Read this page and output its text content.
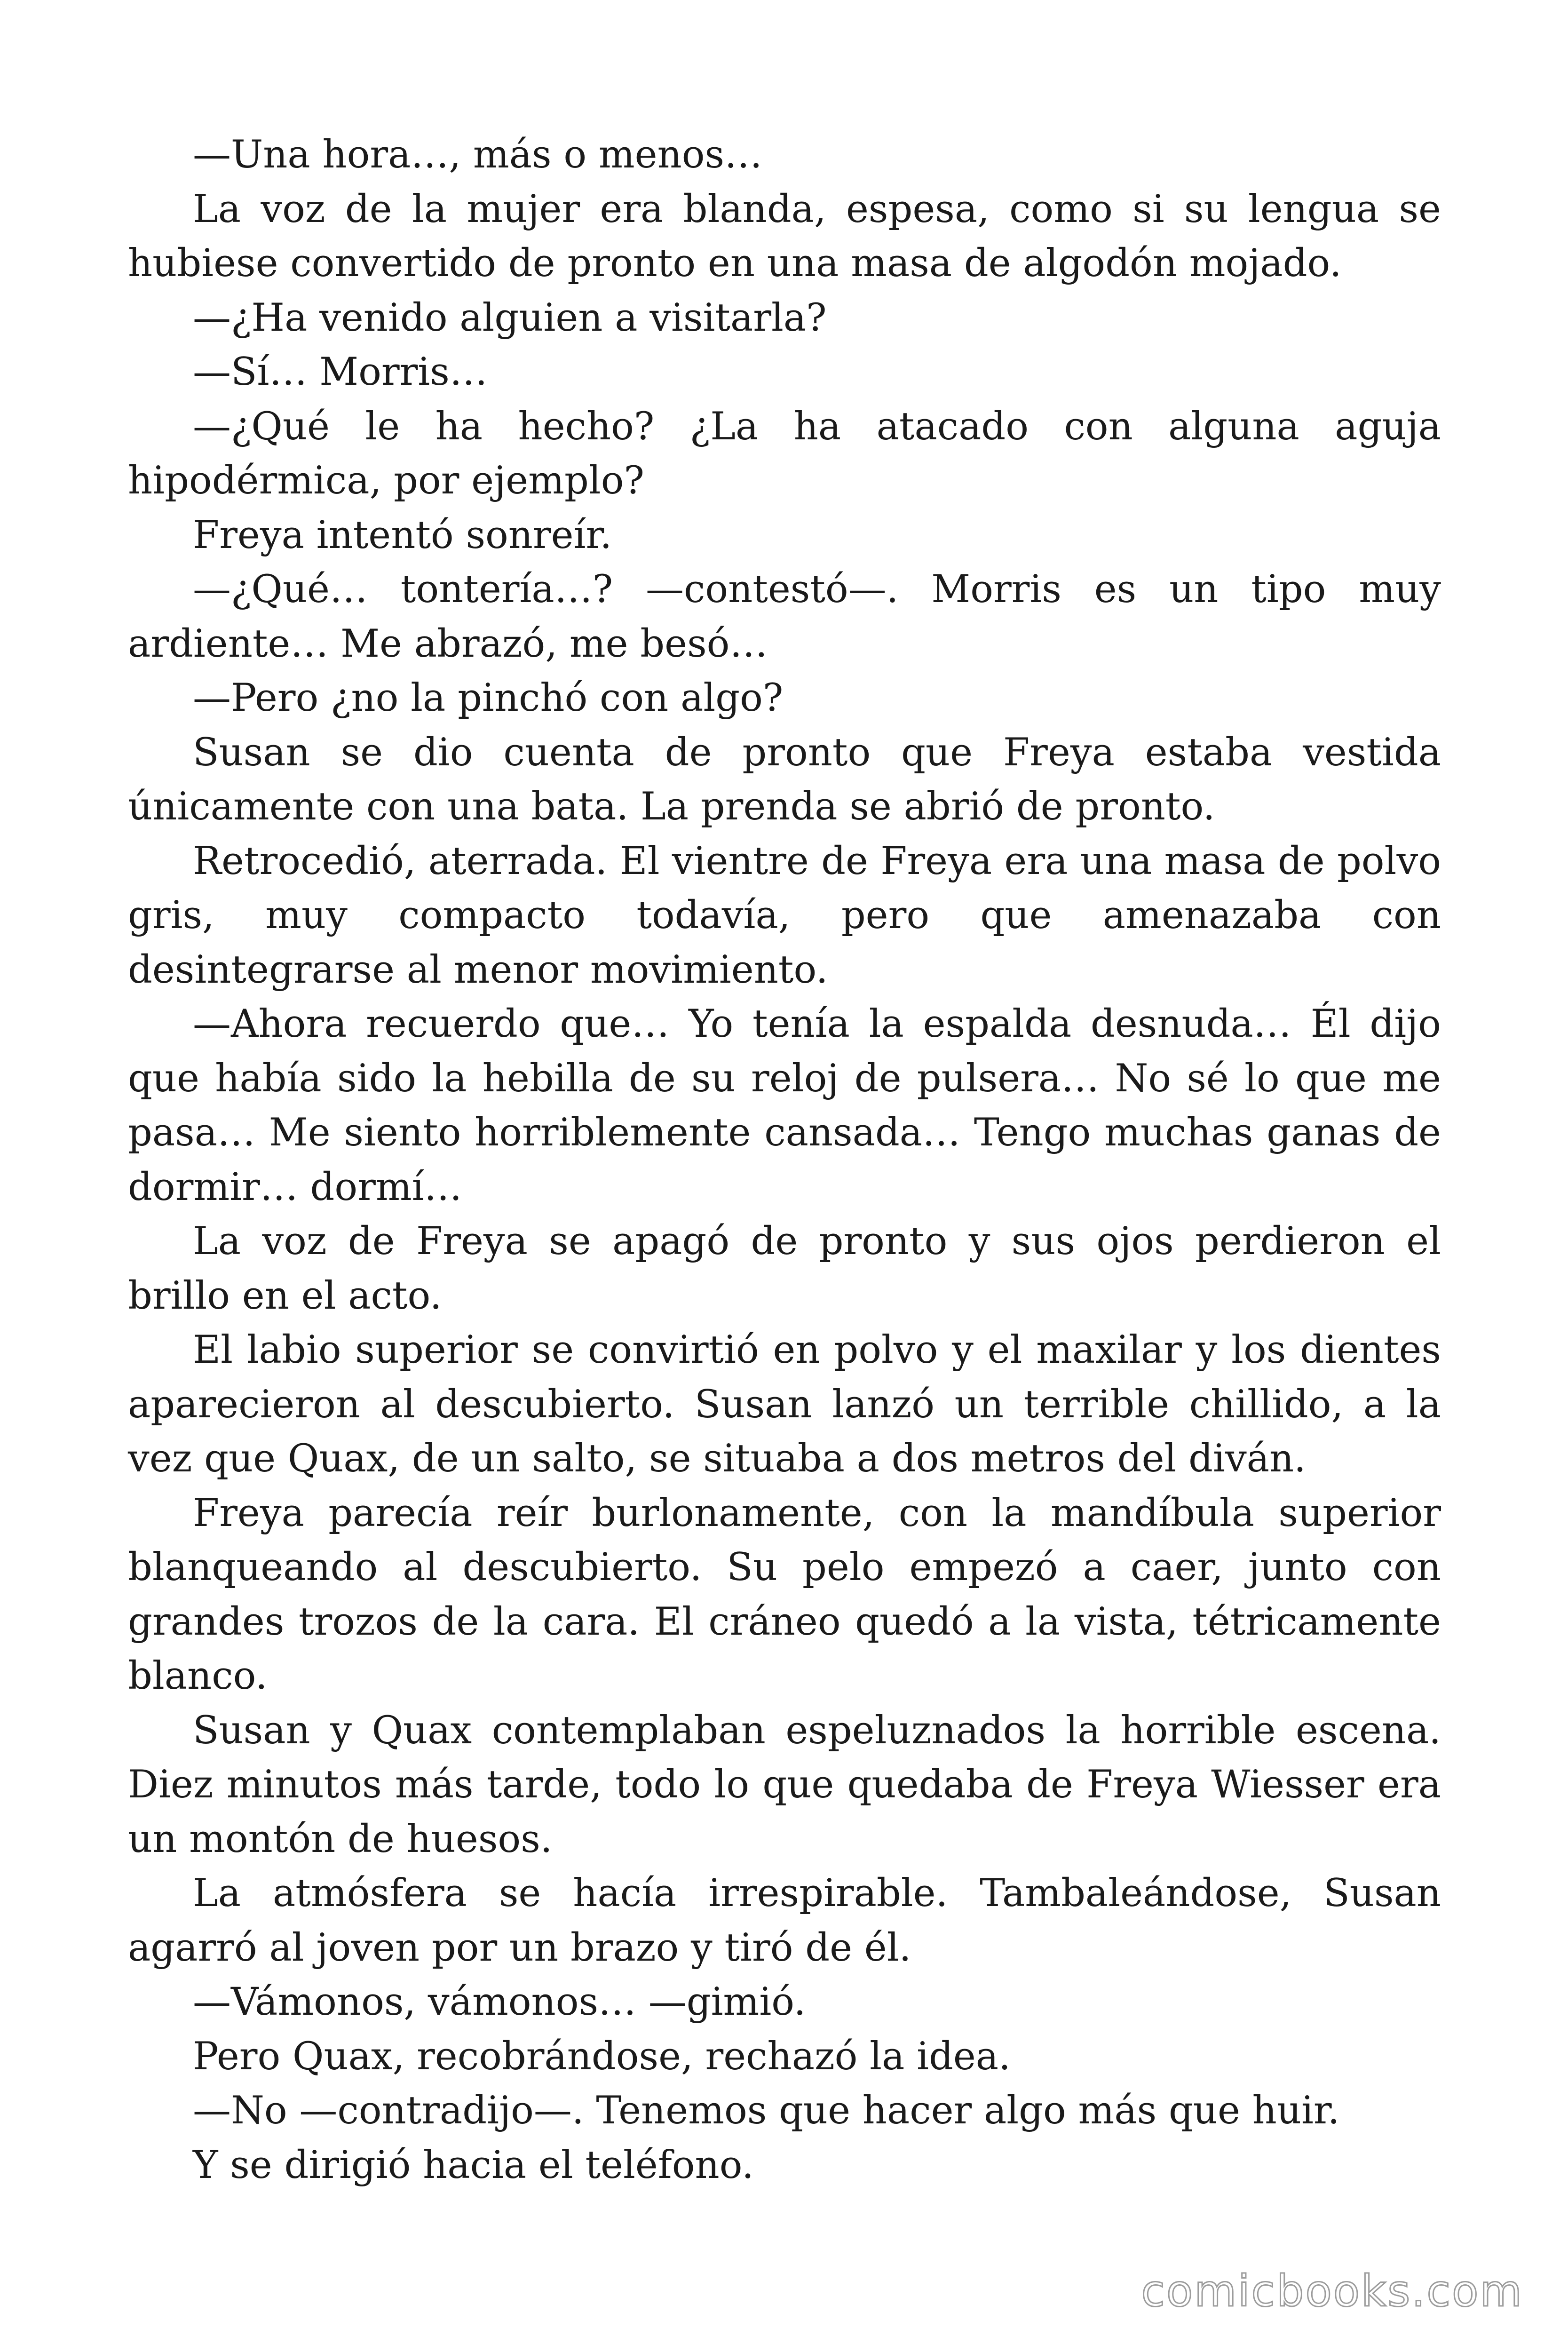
—Una hora…, más o menos…

La voz de la mujer era blanda, espesa, como si su lengua se hubiese convertido de pronto en una masa de algodón mojado.

—¿Ha venido alguien a visitarla?

—Sí… Morris…

—¿Qué le ha hecho? ¿La ha atacado con alguna aguja hipodérmica, por ejemplo?

Freya intentó sonreír.

—¿Qué… tontería…? —contestó—. Morris es un tipo muy ardiente… Me abrazó, me besó…

—Pero ¿no la pinchó con algo?

Susan se dio cuenta de pronto que Freya estaba vestida únicamente con una bata. La prenda se abrió de pronto.

Retrocedió, aterrada. El vientre de Freya era una masa de polvo gris, muy compacto todavía, pero que amenazaba con desintegrarse al menor movimiento.

—Ahora recuerdo que… Yo tenía la espalda desnuda… Él dijo que había sido la hebilla de su reloj de pulsera… No sé lo que me pasa… Me siento horriblemente cansada… Tengo muchas ganas de dormir… dormí…

La voz de Freya se apagó de pronto y sus ojos perdieron el brillo en el acto.

El labio superior se convirtió en polvo y el maxilar y los dientes aparecieron al descubierto. Susan lanzó un terrible chillido, a la vez que Quax, de un salto, se situaba a dos metros del diván.

Freya parecía reír burlonamente, con la mandíbula superior blanqueando al descubierto. Su pelo empezó a caer, junto con grandes trozos de la cara. El cráneo quedó a la vista, tétricamente blanco.

Susan y Quax contemplaban espeluznados la horrible escena. Diez minutos más tarde, todo lo que quedaba de Freya Wiesser era un montón de huesos.

La atmósfera se hacía irrespirable. Tambaleándose, Susan agarró al joven por un brazo y tiró de él.

—Vámonos, vámonos… —gimió.

Pero Quax, recobrándose, rechazó la idea.

—No —contradijo—. Tenemos que hacer algo más que huir.

Y se dirigió hacia el teléfono.

comicbooks.com
